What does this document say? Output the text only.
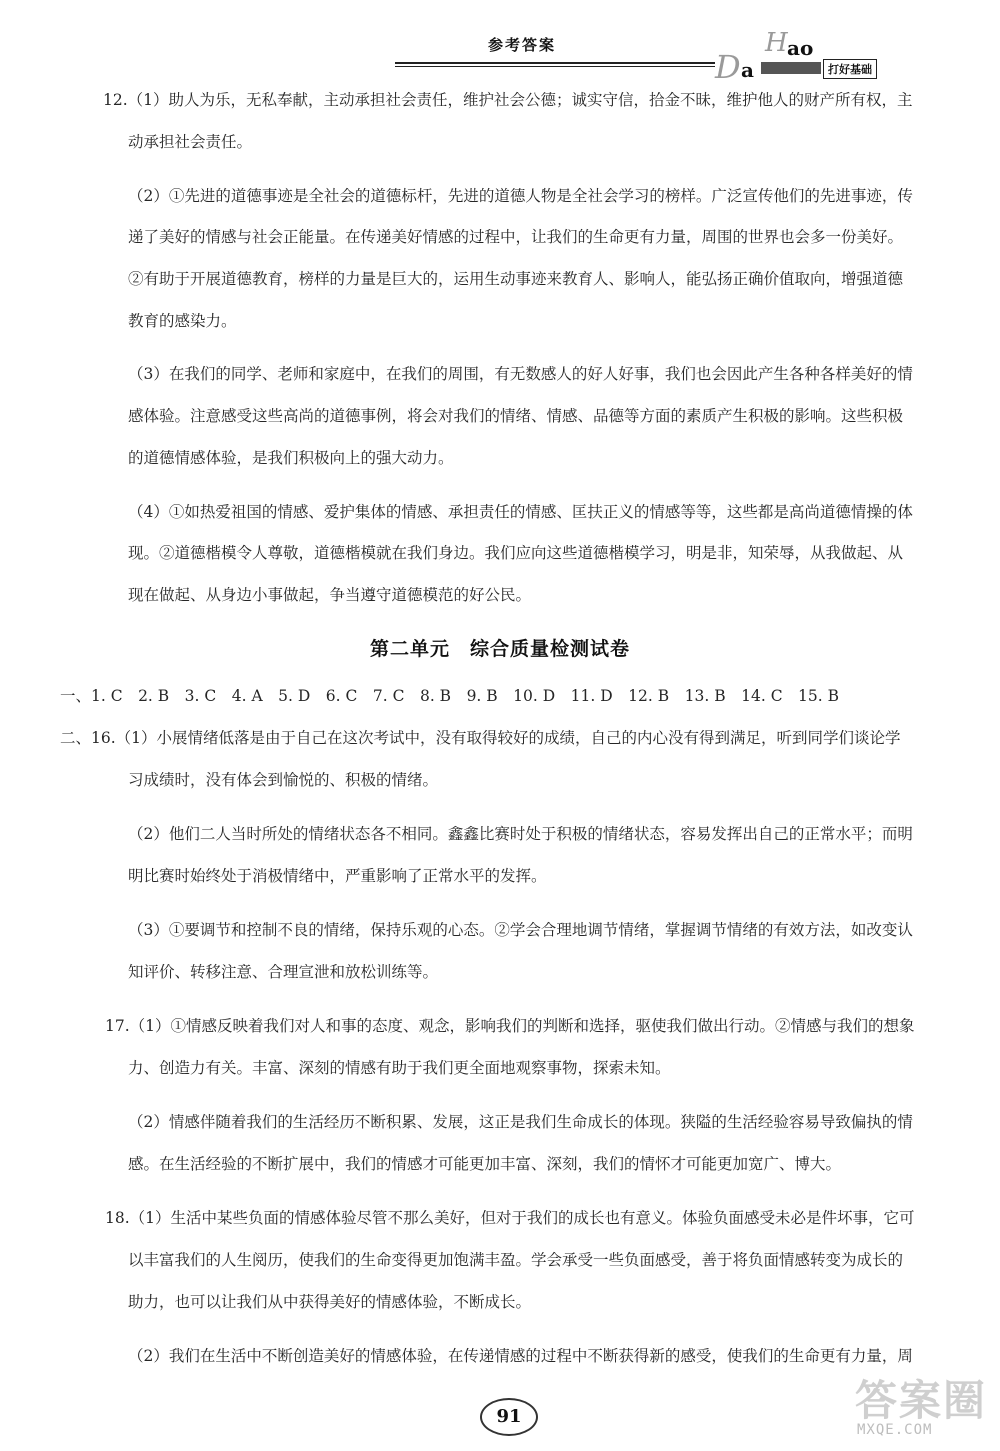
参考答案	H ao
D a	打好基础
12.（1）助人为乐，无私奉献，主动承担社会责任，维护社会公德；诚实守信，拾金不昧，维护他人的财产所有权，主
动承担社会责任。
（2）①先进的道德事迹是全社会的道德标杆，先进的道德人物是全社会学习的榜样。广泛宣传他们的先进事迹，传
递了美好的情感与社会正能量。在传递美好情感的过程中，让我们的生命更有力量，周围的世界也会多一份美好。
②有助于开展道德教育，榜样的力量是巨大的，运用生动事迹来教育人、影响人，能弘扬正确价值取向，增强道德
教育的感染力。
（3）在我们的同学、老师和家庭中，在我们的周围，有无数感人的好人好事，我们也会因此产生各种各样美好的情
感体验。注意感受这些高尚的道德事例，将会对我们的情绪、情感、品德等方面的素质产生积极的影响。这些积极
的道德情感体验，是我们积极向上的强大动力。
（4）①如热爱祖国的情感、爱护集体的情感、承担责任的情感、匡扶正义的情感等等，这些都是高尚道德情操的体
现。②道德楷模令人尊敬，道德楷模就在我们身边。我们应向这些道德楷模学习，明是非，知荣辱，从我做起、从
现在做起、从身边小事做起，争当遵守道德模范的好公民。
第二单元　综合质量检测试卷
一、1. C　2. B　3. C　4. A　5. D　6. C　7. C　8. B　9. B　10. D　11. D　12. B　13. B　14. C　15. B
二、16.（1）小展情绪低落是由于自己在这次考试中，没有取得较好的成绩，自己的内心没有得到满足，听到同学们谈论学
习成绩时，没有体会到愉悦的、积极的情绪。
（2）他们二人当时所处的情绪状态各不相同。鑫鑫比赛时处于积极的情绪状态，容易发挥出自己的正常水平；而明
明比赛时始终处于消极情绪中，严重影响了正常水平的发挥。
（3）①要调节和控制不良的情绪，保持乐观的心态。②学会合理地调节情绪，掌握调节情绪的有效方法，如改变认
知评价、转移注意、合理宣泄和放松训练等。
17.（1）①情感反映着我们对人和事的态度、观念，影响我们的判断和选择，驱使我们做出行动。②情感与我们的想象
力、创造力有关。丰富、深刻的情感有助于我们更全面地观察事物，探索未知。
（2）情感伴随着我们的生活经历不断积累、发展，这正是我们生命成长的体现。狭隘的生活经验容易导致偏执的情
感。在生活经验的不断扩展中，我们的情感才可能更加丰富、深刻，我们的情怀才可能更加宽广、博大。
18.（1）生活中某些负面的情感体验尽管不那么美好，但对于我们的成长也有意义。体验负面感受未必是件坏事，它可
以丰富我们的人生阅历，使我们的生命变得更加饱满丰盈。学会承受一些负面感受，善于将负面情感转变为成长的
助力，也可以让我们从中获得美好的情感体验，不断成长。
（2）我们在生活中不断创造美好的情感体验，在传递情感的过程中不断获得新的感受，使我们的生命更有力量，周
91	答案圈
MXQE.COM
